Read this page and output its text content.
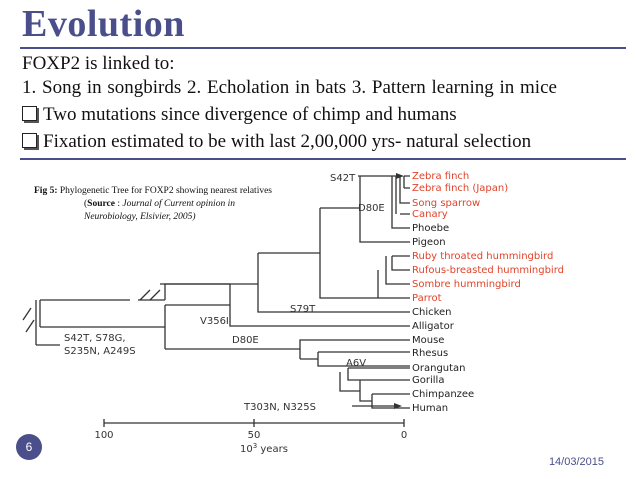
Evolution
FOXP2 is linked to:
1. Song in songbirds 2. Echolation in bats 3. Pattern learning in mice
Two mutations since divergence of chimp and humans
Fixation estimated to be with last 2,00,000 yrs- natural selection
Fig 5: Phylogenetic Tree for FOXP2 showing nearest relatives
(Source : Journal of Current opinion in
Neurobiology, Elsivier, 2005)
S42T
D80E
S79T
V356I
D80E
S42T, S78G,
S235N, A249S
A6V
T303N, N325S
Zebra finch
Zebra finch (Japan)
Song sparrow
Canary
Phoebe
Pigeon
Ruby throated hummingbird
Rufous-breasted hummingbird
Sombre hummingbird
Parrot
Chicken
Alligator
Mouse
Rhesus
Orangutan
Gorilla
Chimpanzee
Human
100	50	0
$10^3$ years
6
14/03/2015
